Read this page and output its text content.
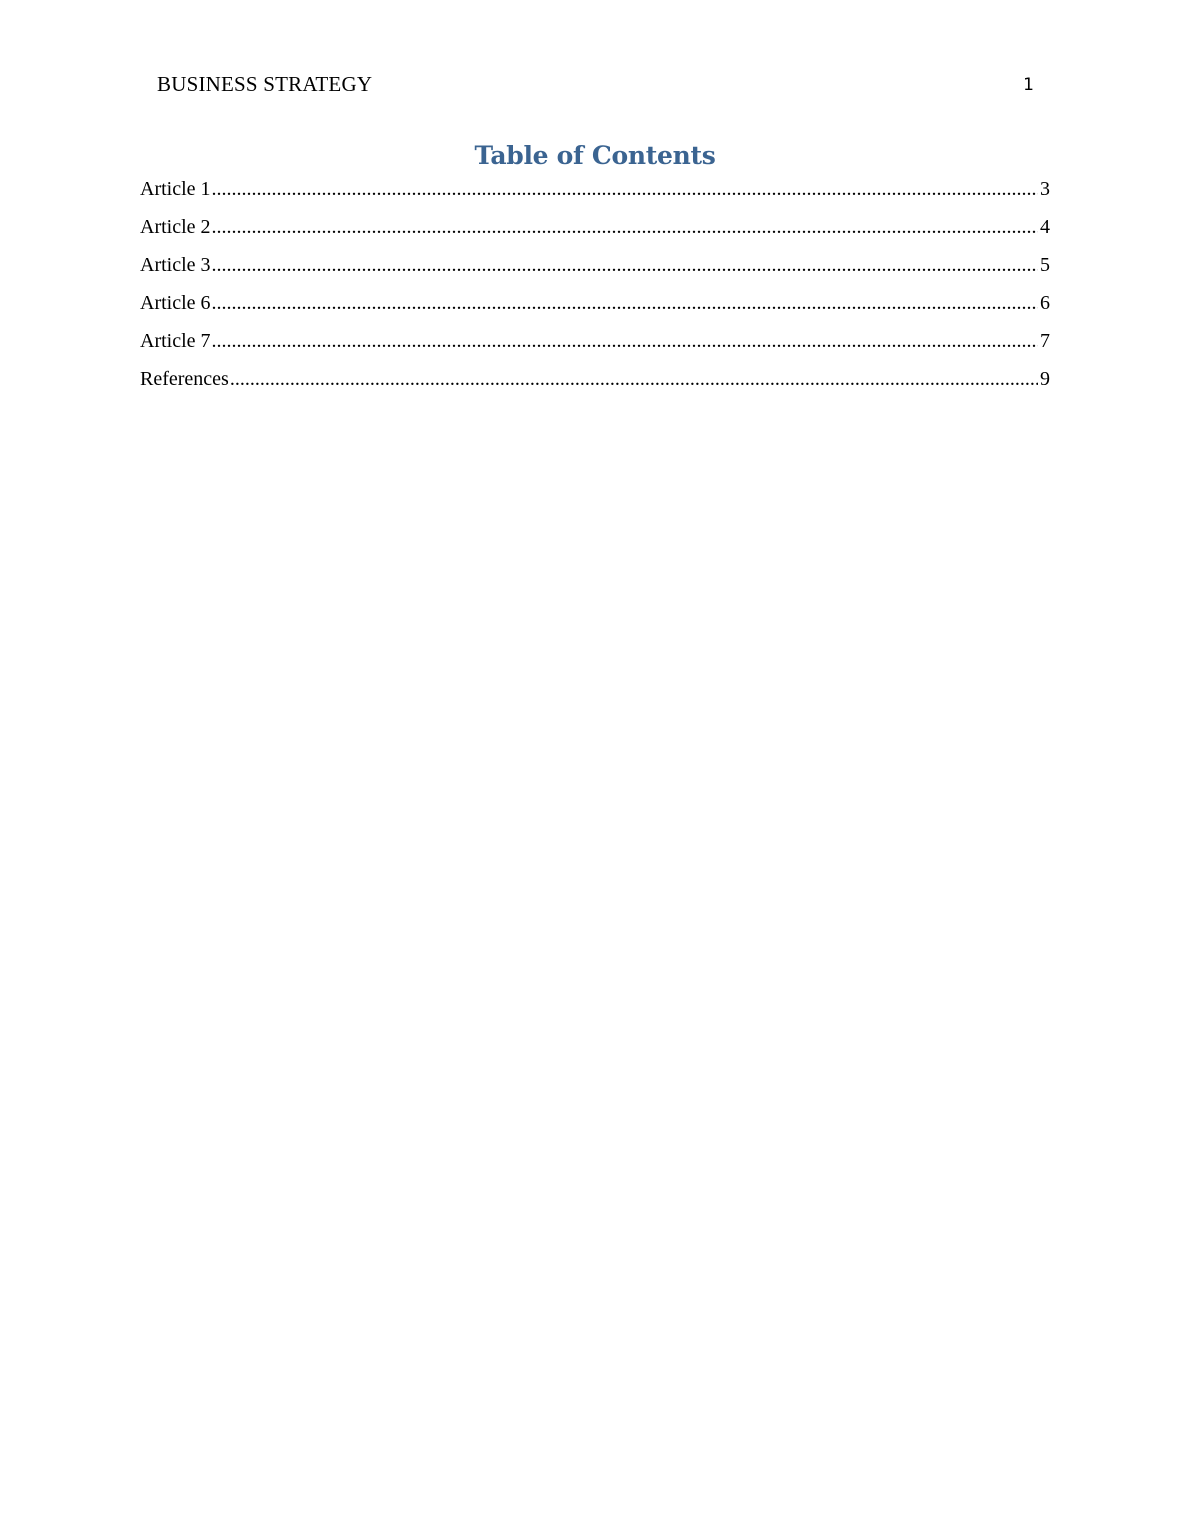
BUSINESS STRATEGY	1
Table of Contents
Article 1 .....	3
Article 2 .....	4
Article 3 .....	5
Article 6 .....	6
Article 7 .....	7
References .....	9
